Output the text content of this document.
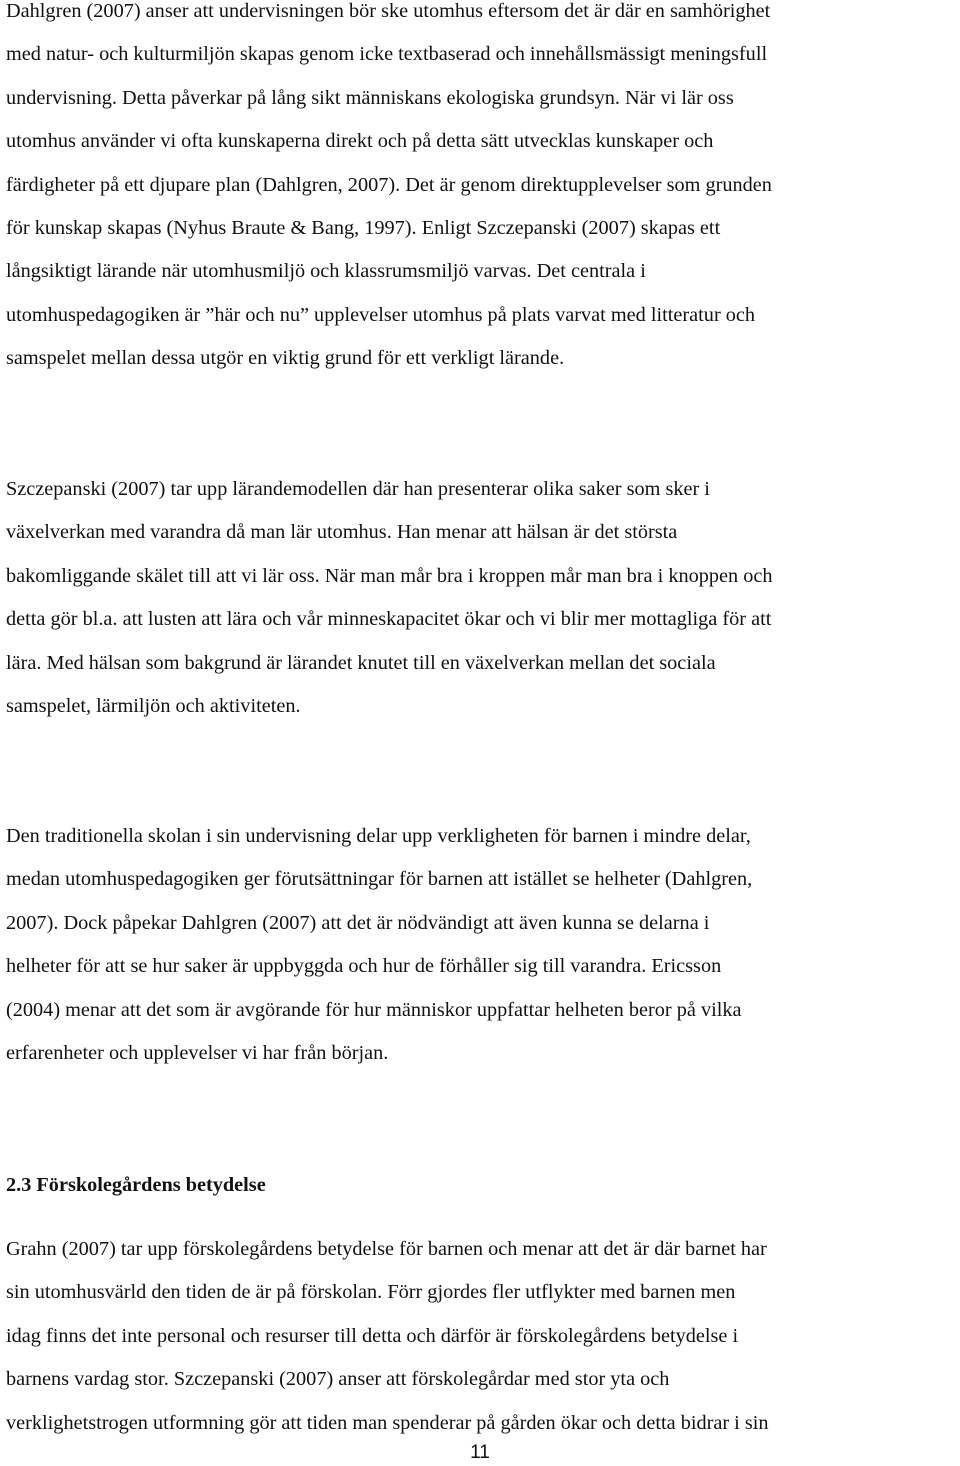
Dahlgren (2007) anser att undervisningen bör ske utomhus eftersom det är där en samhörighet
med natur- och kulturmiljön skapas genom icke textbaserad och innehållsmässigt meningsfull
undervisning. Detta påverkar på lång sikt människans ekologiska grundsyn. När vi lär oss
utomhus använder vi ofta kunskaperna direkt och på detta sätt utvecklas kunskaper och
färdigheter på ett djupare plan (Dahlgren, 2007). Det är genom direktupplevelser som grunden
för kunskap skapas (Nyhus Braute & Bang, 1997). Enligt Szczepanski (2007) skapas ett
långsiktigt lärande när utomhusmiljö och klassrumsmiljö varvas. Det centrala i
utomhuspedagogiken är ”här och nu” upplevelser utomhus på plats varvat med litteratur och
samspelet mellan dessa utgör en viktig grund för ett verkligt lärande.

Szczepanski (2007) tar upp lärandemodellen där han presenterar olika saker som sker i
växelverkan med varandra då man lär utomhus. Han menar att hälsan är det största
bakomliggande skälet till att vi lär oss. När man mår bra i kroppen mår man bra i knoppen och
detta gör bl.a. att lusten att lära och vår minneskapacitet ökar och vi blir mer mottagliga för att
lära. Med hälsan som bakgrund är lärandet knutet till en växelverkan mellan det sociala
samspelet, lärmiljön och aktiviteten.

Den traditionella skolan i sin undervisning delar upp verkligheten för barnen i mindre delar,
medan utomhuspedagogiken ger förutsättningar för barnen att istället se helheter (Dahlgren,
2007). Dock påpekar Dahlgren (2007) att det är nödvändigt att även kunna se delarna i
helheter för att se hur saker är uppbyggda och hur de förhåller sig till varandra. Ericsson
(2004) menar att det som är avgörande för hur människor uppfattar helheten beror på vilka
erfarenheter och upplevelser vi har från början.

2.3 Förskolegårdens betydelse

Grahn (2007) tar upp förskolegårdens betydelse för barnen och menar att det är där barnet har
sin utomhusvärld den tiden de är på förskolan. Förr gjordes fler utflykter med barnen men
idag finns det inte personal och resurser till detta och därför är förskolegårdens betydelse i
barnens vardag stor. Szczepanski (2007) anser att förskolegårdar med stor yta och
verklighetstrogen utformning gör att tiden man spenderar på gården ökar och detta bidrar i sin

11
